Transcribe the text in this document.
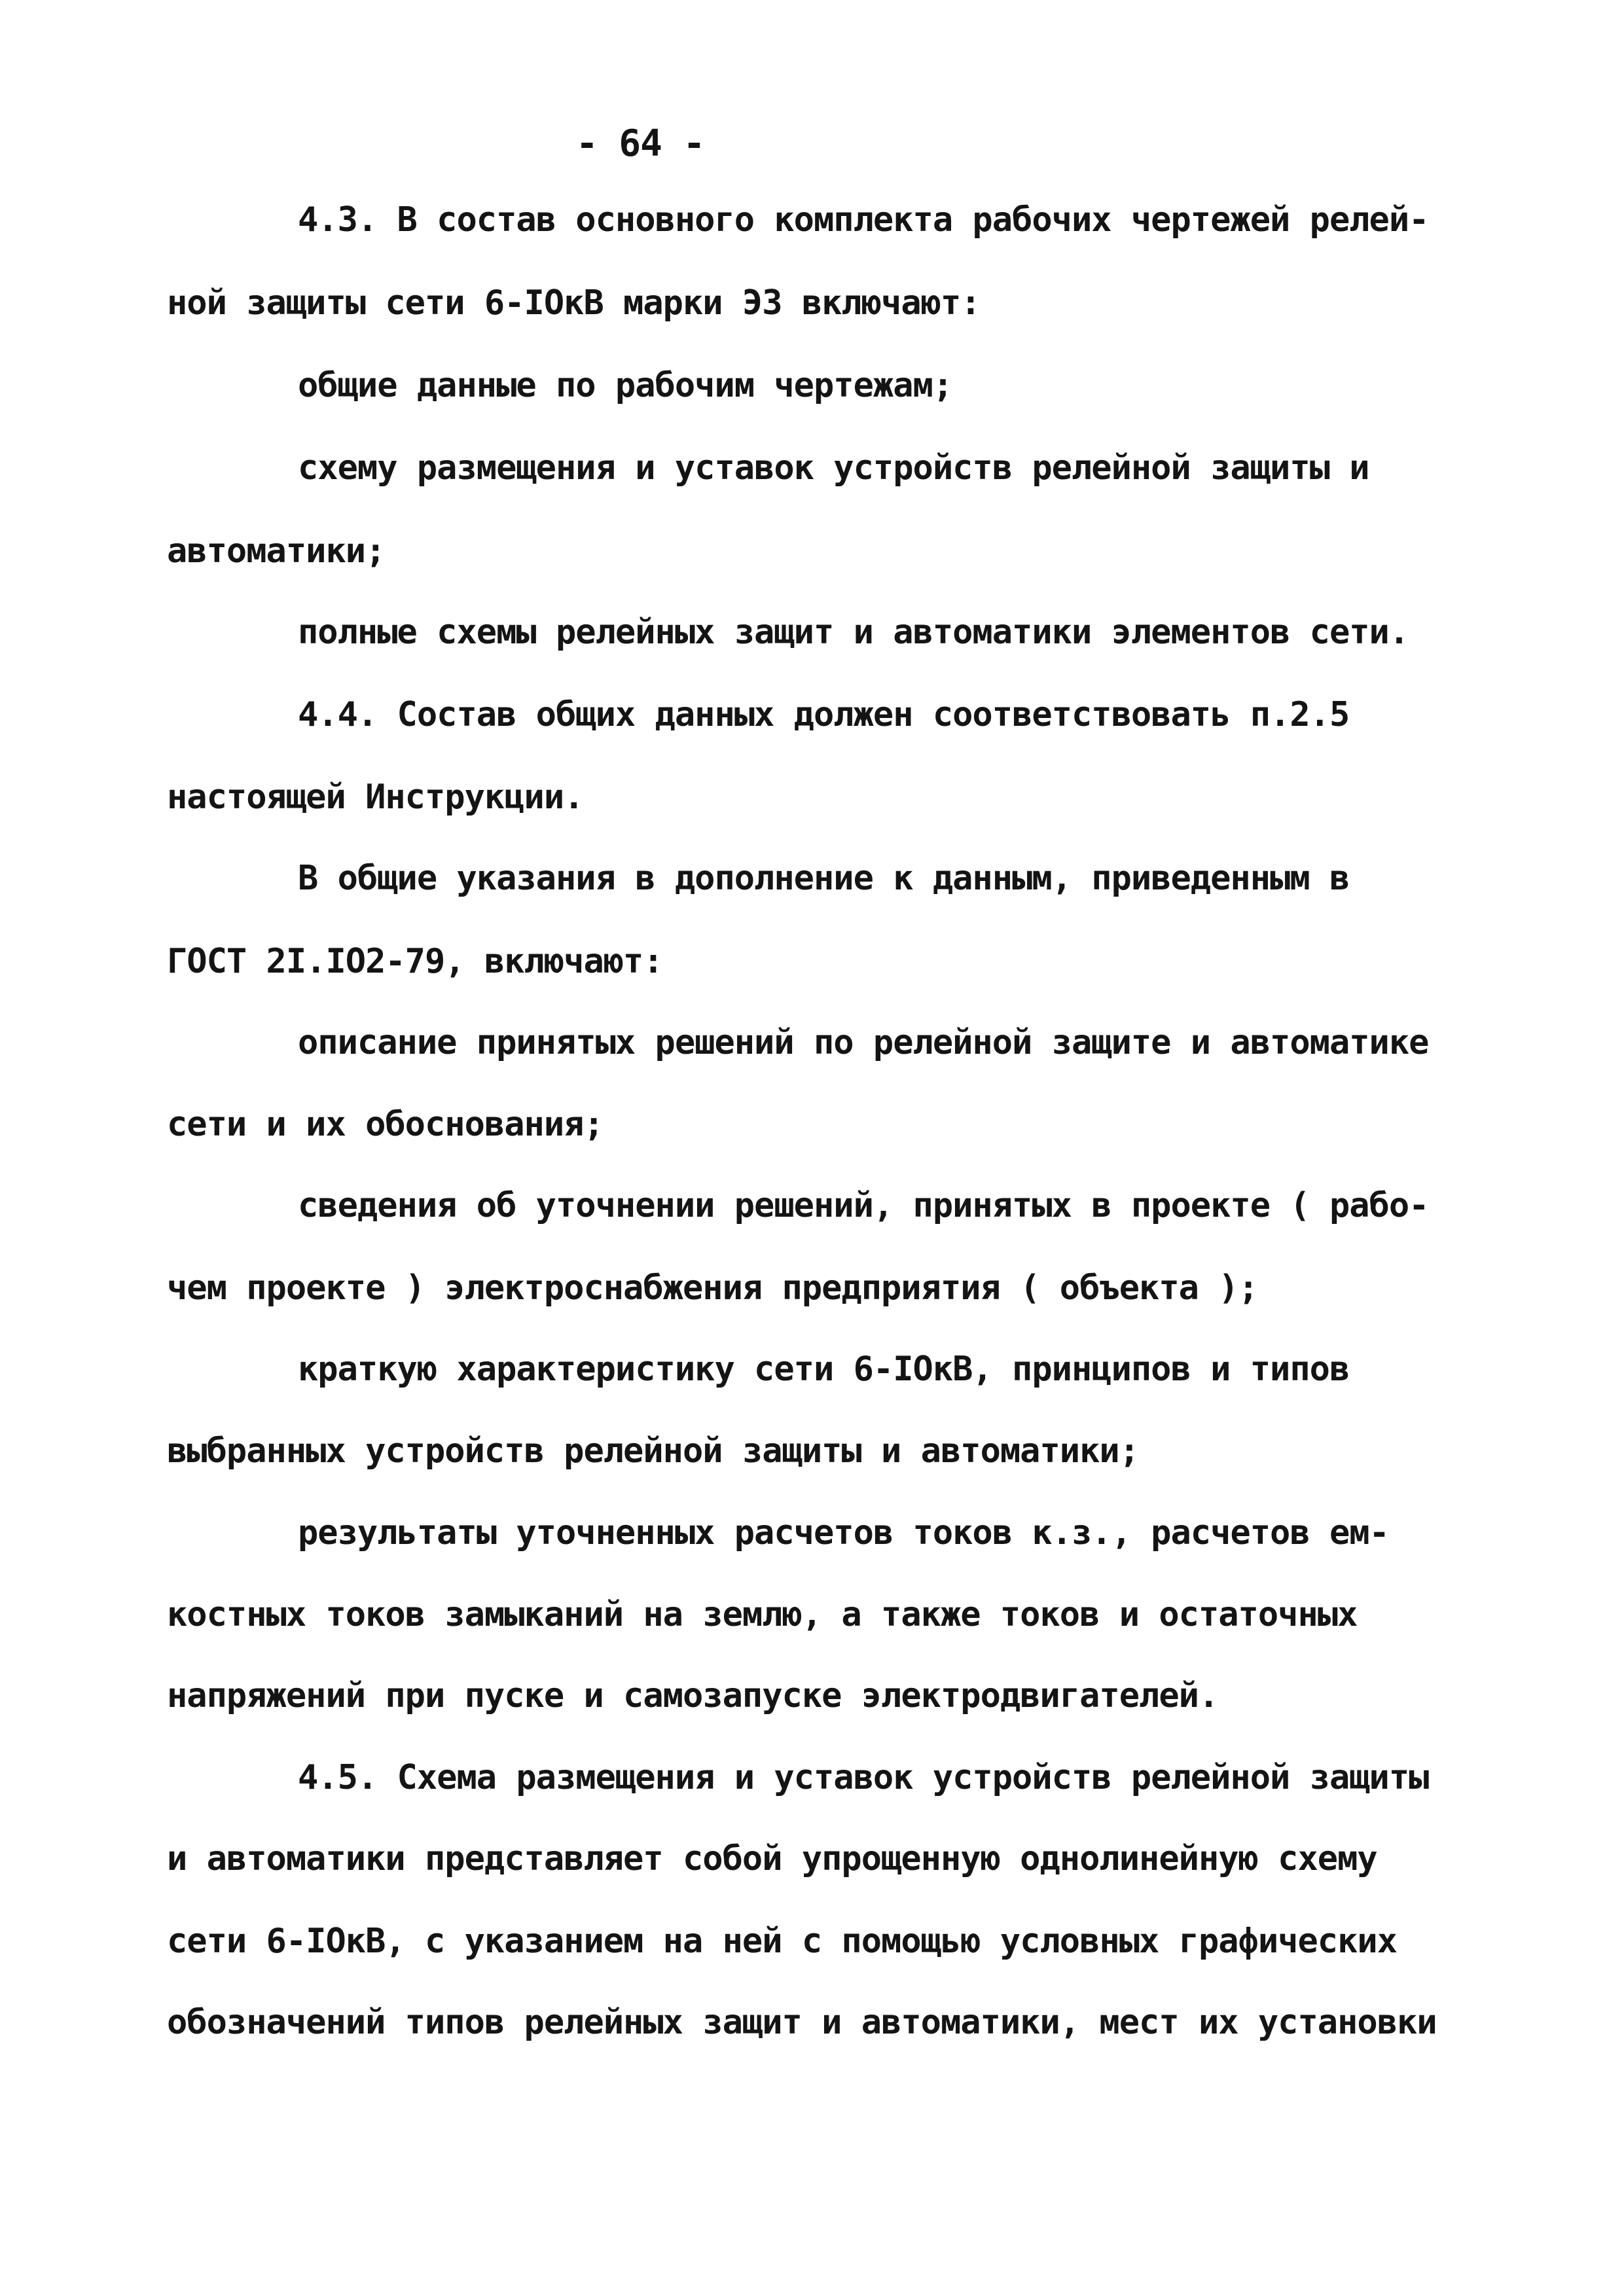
- 64 -

4.3. В состав основного комплекта рабочих чертежей релей-

ной защиты сети 6-IОкВ марки ЭЗ включают:

общие данные по рабочим чертежам;

схему размещения и уставок устройств релейной защиты и

автоматики;

полные схемы релейных защит и автоматики элементов сети.

4.4. Состав общих данных должен соответствовать п.2.5

настоящей Инструкции.

В общие указания в дополнение к данным, приведенным в

ГОСТ 2I.IО2-79, включают:

описание принятых решений по релейной защите и автоматике

сети и их обоснования;

сведения об уточнении решений, принятых в проекте ( рабо-

чем проекте ) электроснабжения предприятия ( объекта );

краткую характеристику сети 6-IОкВ, принципов и типов

выбранных устройств релейной защиты и автоматики;

результаты уточненных расчетов токов к.з., расчетов ем-

костных токов замыканий на землю, а также токов и остаточных

напряжений при пуске и самозапуске электродвигателей.

4.5. Схема размещения и уставок устройств релейной защиты

и автоматики представляет собой упрощенную однолинейную схему

сети 6-IОкВ, с указанием на ней с помощью условных графических

обозначений типов релейных защит и автоматики, мест их установки
